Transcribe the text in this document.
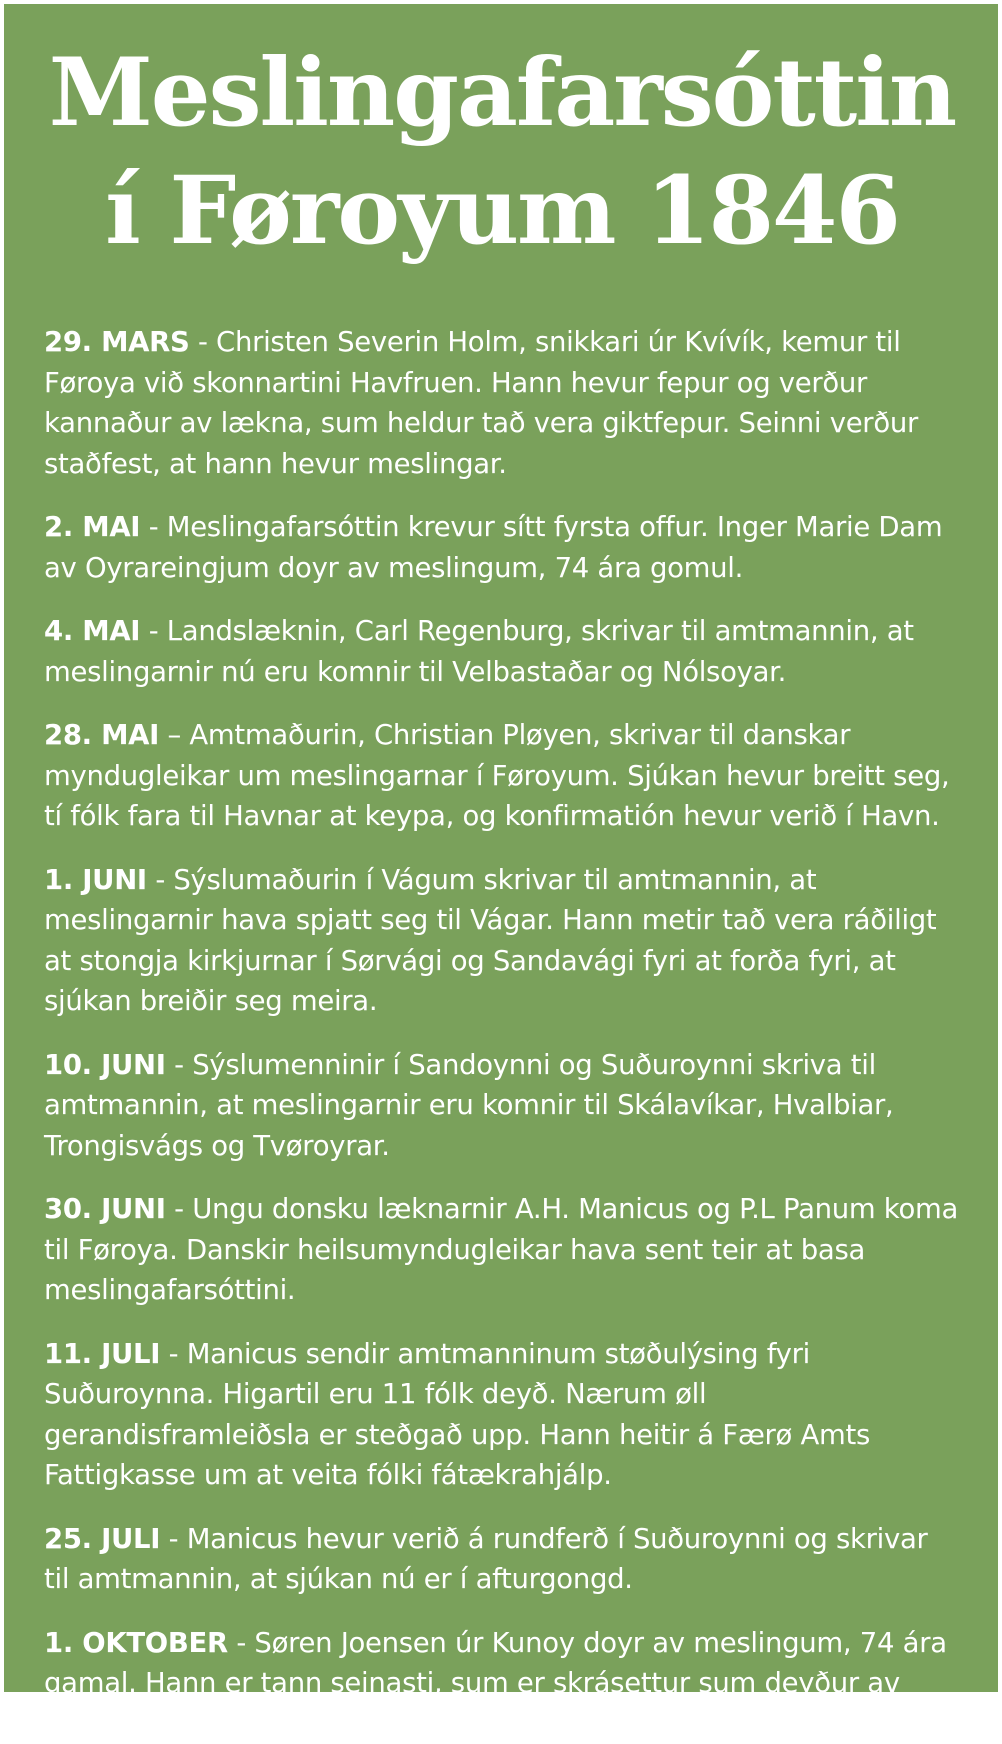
Meslingafarsóttin
í Føroyum 1846

29. MARS - Christen Severin Holm, snikkari úr Kvívík, kemur til Føroya við skonnartini Havfruen. Hann hevur fepur og verður kannaður av lækna, sum heldur tað vera giktfepur. Seinni verður staðfest, at hann hevur meslingar.

2. MAI - Meslingafarsóttin krevur sítt fyrsta offur. Inger Marie Dam av Oyrareingjum doyr av meslingum, 74 ára gomul.

4. MAI - Landslæknin, Carl Regenburg, skrivar til amtmannin, at meslingarnir nú eru komnir til Velbastaðar og Nólsoyar.

28. MAI – Amtmaðurin, Christian Pløyen, skrivar til danskar myndugleikar um meslingarnar í Føroyum. Sjúkan hevur breitt seg, tí fólk fara til Havnar at keypa, og konfirmatión hevur verið í Havn.

1. JUNI - Sýslumaðurin í Vágum skrivar til amtmannin, at meslingarnir hava spjatt seg til Vágar. Hann metir tað vera ráðiligt at stongja kirkjurnar í Sørvági og Sandavági fyri at forða fyri, at sjúkan breiðir seg meira.

10. JUNI - Sýslumenninir í Sandoynni og Suðuroynni skriva til amtmannin, at meslingarnir eru komnir til Skálavíkar, Hvalbiar, Trongisvágs og Tvøroyrar.

30. JUNI - Ungu donsku læknarnir A.H. Manicus og P.L Panum koma til Føroya. Danskir heilsumyndugleikar hava sent teir at basa meslingafarsóttini.

11. JULI - Manicus sendir amtmanninum støðulýsing fyri Suðuroynna. Higartil eru 11 fólk deyð. Nærum øll gerandisframleiðsla er steðgað upp. Hann heitir á Færø Amts Fattigkasse um at veita fólki fátækrahjálp.

25. JULI - Manicus hevur verið á rundferð í Suðuroynni og skrivar til amtmannin, at sjúkan nú er í afturgongd.

1. OKTOBER - Søren Joensen úr Kunoy doyr av meslingum, 74 ára gamal. Hann er tann seinasti, sum er skrásettur sum deyður av sjúkuni.
